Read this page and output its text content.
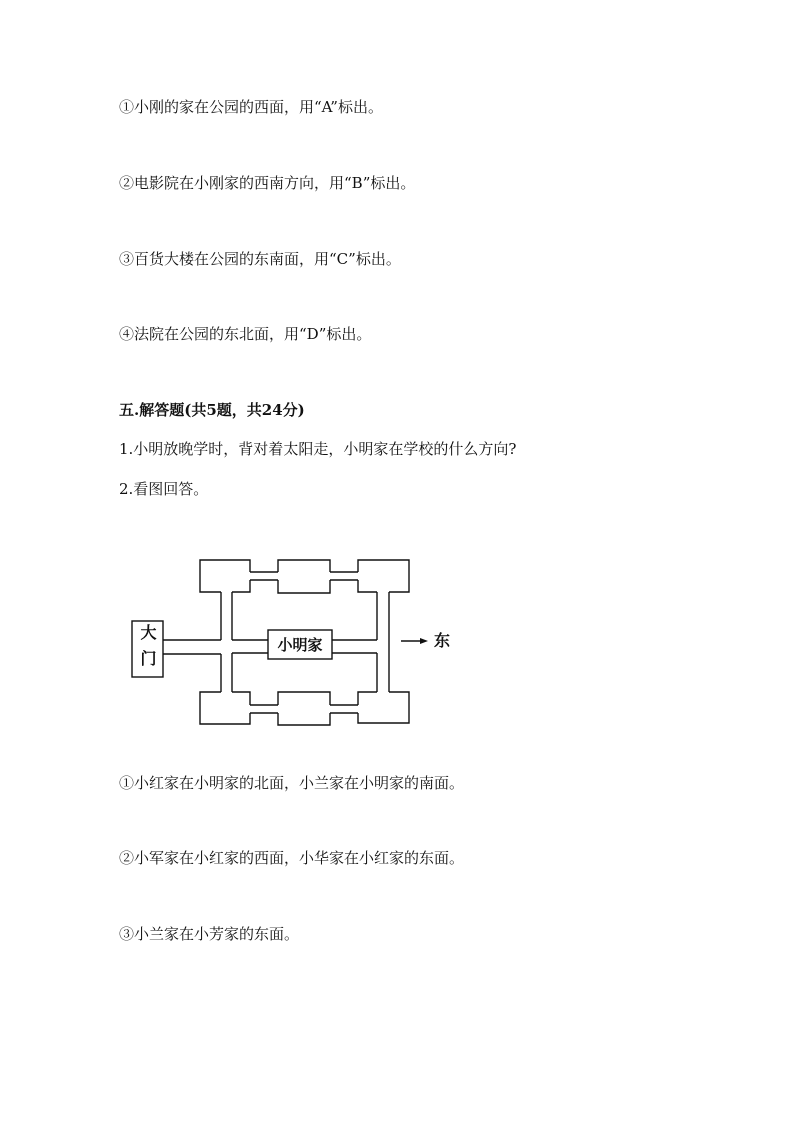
①小刚的家在公园的西面，用“A”标出。
②电影院在小刚家的西南方向，用“B”标出。
③百货大楼在公园的东南面，用“C”标出。
④法院在公园的东北面，用“D”标出。
五.解答题(共5题，共24分)
1.小明放晚学时，背对着太阳走，小明家在学校的什么方向?
2.看图回答。
大门	小明家	东
①小红家在小明家的北面，小兰家在小明家的南面。
②小军家在小红家的西面，小华家在小红家的东面。
③小兰家在小芳家的东面。
